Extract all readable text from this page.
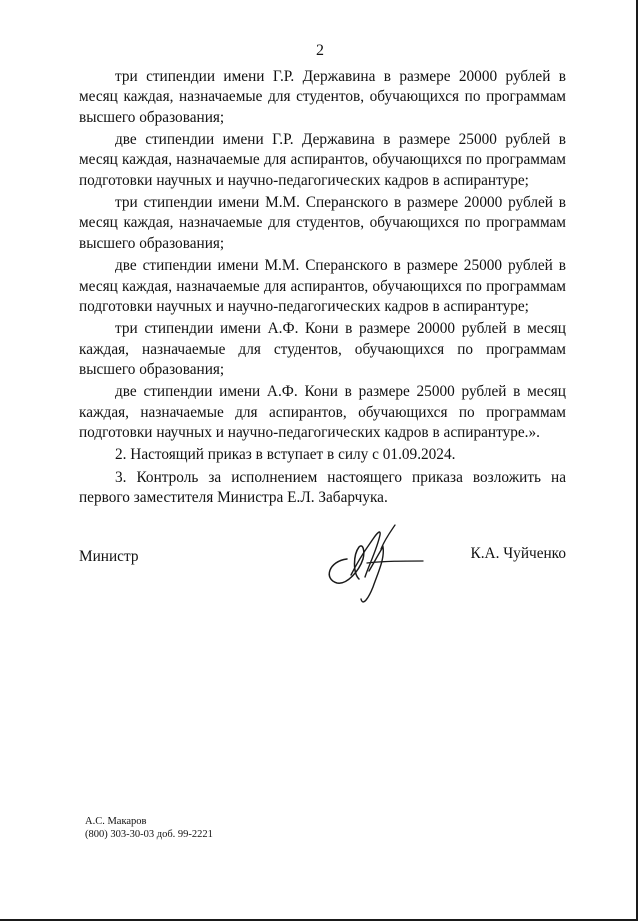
2

три стипендии имени Г.Р. Державина в размере 20000 рублей в месяц каждая, назначаемые для студентов, обучающихся по программам высшего образования;

две стипендии имени Г.Р. Державина в размере 25000 рублей в месяц каждая, назначаемые для аспирантов, обучающихся по программам подготовки научных и научно-педагогических кадров в аспирантуре;

три стипендии имени М.М. Сперанского в размере 20000 рублей в месяц каждая, назначаемые для студентов, обучающихся по программам высшего образования;

две стипендии имени М.М. Сперанского в размере 25000 рублей в месяц каждая, назначаемые для аспирантов, обучающихся по программам подготовки научных и научно-педагогических кадров в аспирантуре;

три стипендии имени А.Ф. Кони в размере 20000 рублей в месяц каждая, назначаемые для студентов, обучающихся по программам высшего образования;

две стипендии имени А.Ф. Кони в размере 25000 рублей в месяц каждая, назначаемые для аспирантов, обучающихся по программам подготовки научных и научно-педагогических кадров в аспирантуре.».

2. Настоящий приказ в вступает в силу с 01.09.2024.

3. Контроль за исполнением настоящего приказа возложить на первого заместителя Министра Е.Л. Забарчука.

Министр	К.А. Чуйченко
А.С. Макаров
(800) 303-30-03 доб. 99-2221
